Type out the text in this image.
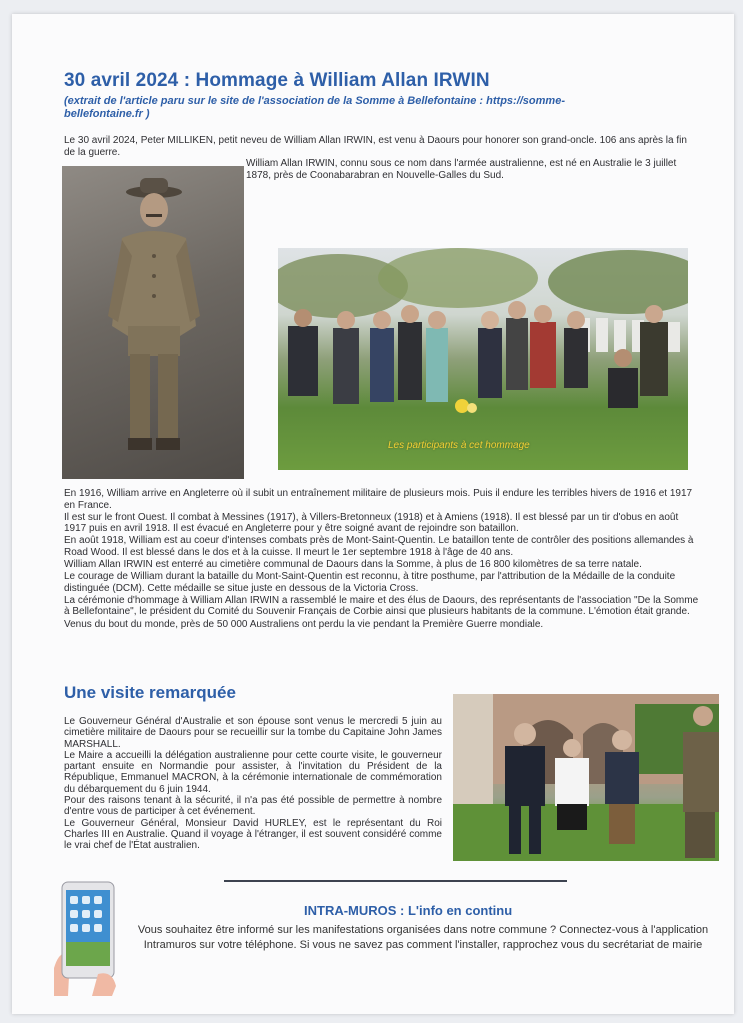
30 avril 2024 : Hommage à William Allan IRWIN
(extrait de l'article paru sur le site de l'association de la Somme à Bellefontaine : https://somme-bellefontaine.fr )

Le 30 avril 2024, Peter MILLIKEN, petit neveu de William Allan IRWIN, est venu à Daours pour honorer son grand-oncle. 106 ans après la fin de la guerre.

William Allan IRWIN, connu sous ce nom dans l'armée australienne, est né en Australie le 3 juillet 1878, près de Coonabarabran en Nouvelle-Galles du Sud.

Les participants à cet hommage

En 1916, William arrive en Angleterre où il subit un entraînement militaire de plusieurs mois. Puis il endure les terribles hivers de 1916 et 1917 en France.

Il est sur le front Ouest. Il combat à Messines (1917), à Villers-Bretonneux (1918) et à Amiens (1918). Il est blessé par un tir d'obus en août 1917 puis en avril 1918. Il est évacué en Angleterre pour y être soigné avant de rejoindre son bataillon.

En août 1918, William est au coeur d'intenses combats près de Mont-Saint-Quentin. Le bataillon tente de contrôler des positions allemandes à Road Wood. Il est blessé dans le dos et à la cuisse. Il meurt le 1er septembre 1918 à l'âge de 40 ans.

William Allan IRWIN est enterré au cimetière communal de Daours dans la Somme, à plus de 16 800 kilomètres de sa terre natale.

Le courage de William durant la bataille du Mont-Saint-Quentin est reconnu, à titre posthume, par l'attribution de la Médaille de la conduite distinguée (DCM). Cette médaille se situe juste en dessous de la Victoria Cross.

La cérémonie d'hommage à William Allan IRWIN a rassemblé le maire et des élus de Daours, des représentants de l'association "De la Somme à Bellefontaine", le président du Comité du Souvenir Français de Corbie ainsi que plusieurs habitants de la commune. L'émotion était grande.

Venus du bout du monde, près de 50 000 Australiens ont perdu la vie pendant la Première Guerre mondiale.

Une visite remarquée

Le Gouverneur Général d'Australie et son épouse sont venus le mercredi 5 juin au cimetière militaire de Daours pour se recueillir sur la tombe du Capitaine John James MARSHALL.

Le Maire a accueilli la délégation australienne pour cette courte visite, le gouverneur partant ensuite en Normandie pour assister, à l'invitation du Président de la République, Emmanuel MACRON, à la cérémonie internationale de commémoration du débarquement du 6 juin 1944.

Pour des raisons tenant à la sécurité, il n'a pas été possible de permettre à nombre d'entre vous de participer à cet événement.

Le Gouverneur Général, Monsieur David HURLEY, est le représentant du Roi Charles III en Australie. Quand il voyage à l'étranger, il est souvent considéré comme le vrai chef de l'État australien.

INTRA-MUROS : L'info en continu

Vous souhaitez être informé sur les manifestations organisées dans notre commune ? Connectez-vous à l'application Intramuros sur votre téléphone. Si vous ne savez pas comment l'installer, rapprochez vous du secrétariat de mairie
